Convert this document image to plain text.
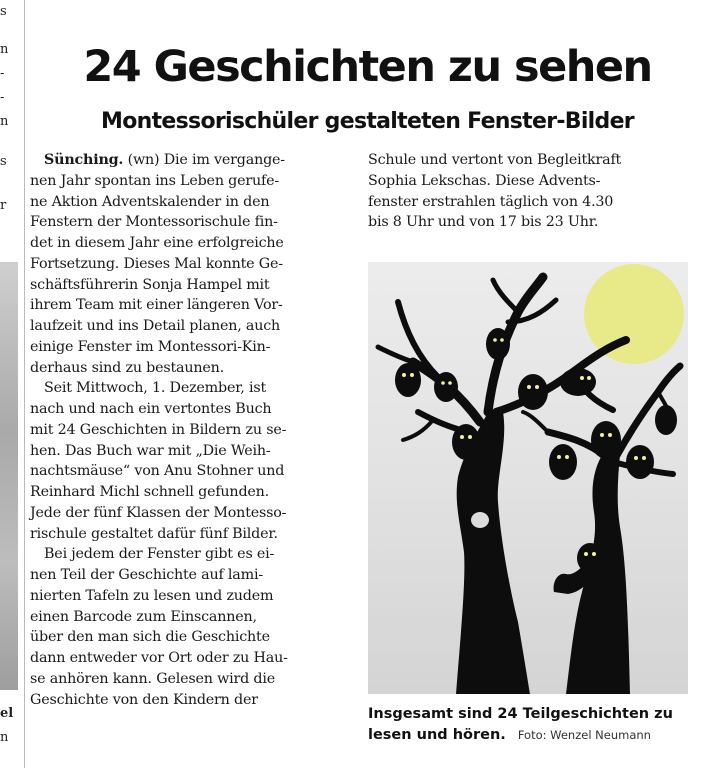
s
n
-
-
n
s
r
el
n
24 Geschichten zu sehen
Montessorischüler gestalteten Fenster-Bilder
Sünching. (wn) Die im vergange-
nen Jahr spontan ins Leben gerufe-
ne Aktion Adventskalender in den
Fenstern der Montessorischule fin-
det in diesem Jahr eine erfolgreiche
Fortsetzung. Dieses Mal konnte Ge-
schäftsführerin Sonja Hampel mit
ihrem Team mit einer längeren Vor-
laufzeit und ins Detail planen, auch
einige Fenster im Montessori-Kin-
derhaus sind zu bestaunen.
Seit Mittwoch, 1. Dezember, ist
nach und nach ein vertontes Buch
mit 24 Geschichten in Bildern zu se-
hen. Das Buch war mit „Die Weih-
nachtsmäuse“ von Anu Stohner und
Reinhard Michl schnell gefunden.
Jede der fünf Klassen der Montesso-
rischule gestaltet dafür fünf Bilder.
Bei jedem der Fenster gibt es ei-
nen Teil der Geschichte auf lami-
nierten Tafeln zu lesen und zudem
einen Barcode zum Einscannen,
über den man sich die Geschichte
dann entweder vor Ort oder zu Hau-
se anhören kann. Gelesen wird die
Geschichte von den Kindern der
Schule und vertont von Begleitkraft
Sophia Lekschas. Diese Advents-
fenster erstrahlen täglich von 4.30
bis 8 Uhr und von 17 bis 23 Uhr.
Insgesamt sind 24 Teilgeschichten zu
lesen und hören. Foto: Wenzel Neumann
